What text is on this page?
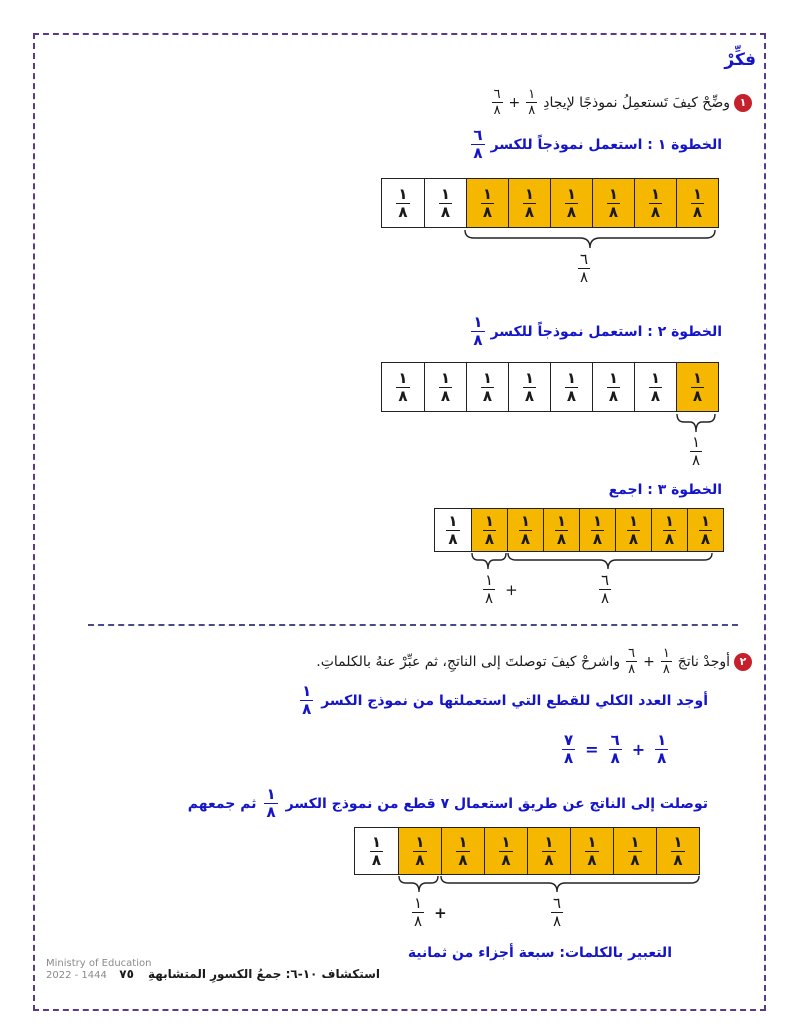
فكِّرْ
١
وضِّحْ كيفَ تَستعمِلُ نموذجًا لإيجادِ
$\frac{١}{٨}$
+
$\frac{٦}{٨}$
الخطوة ١ : استعمل نموذجاً للكسر
$\frac{٦}{٨}$
$\frac{١}{٨} \frac{١}{٨} \frac{١}{٨} \frac{١}{٨} \frac{١}{٨} \frac{١}{٨} \frac{١}{٨} \frac{١}{٨}$
$\frac{٦}{٨}$
الخطوة ٢ : استعمل نموذجاً للكسر
$\frac{١}{٨}$
$\frac{١}{٨} \frac{١}{٨} \frac{١}{٨} \frac{١}{٨} \frac{١}{٨} \frac{١}{٨} \frac{١}{٨} \frac{١}{٨}$
$\frac{١}{٨}$
الخطوة ٣ : اجمع
$\frac{١}{٨} \frac{١}{٨} \frac{١}{٨} \frac{١}{٨} \frac{١}{٨} \frac{١}{٨} \frac{١}{٨} \frac{١}{٨}$
$\frac{١}{٨}$ +	$\frac{٦}{٨}$
٢
أوجدْ ناتجَ
$\frac{١}{٨}$
+
$\frac{٦}{٨}$
واشرحْ كيفَ توصلتَ إلى الناتجِ، ثم عبِّرْ عنهُ بالكلماتِ.
أوجد العدد الكلي للقطع التي استعملتها من نموذج الكسر
$\frac{١}{٨}$
$\frac{٧}{٨} = \frac{٦}{٨} + \frac{١}{٨}$
توصلت إلى الناتج عن طريق استعمال ٧ قطع من نموذج الكسر
$\frac{١}{٨}$
ثم جمعهم
$\frac{١}{٨} \frac{١}{٨} \frac{١}{٨} \frac{١}{٨} \frac{١}{٨} \frac{١}{٨} \frac{١}{٨} \frac{١}{٨}$
$\frac{١}{٨}$ +	$\frac{٦}{٨}$
التعبير بالكلمات: سبعة أجزاء من ثمانية
استكشاف ١٠-٦: جمعُ الكسورِ المتشابهةِ
٧٥
Ministry of Education
2022 - 1444
